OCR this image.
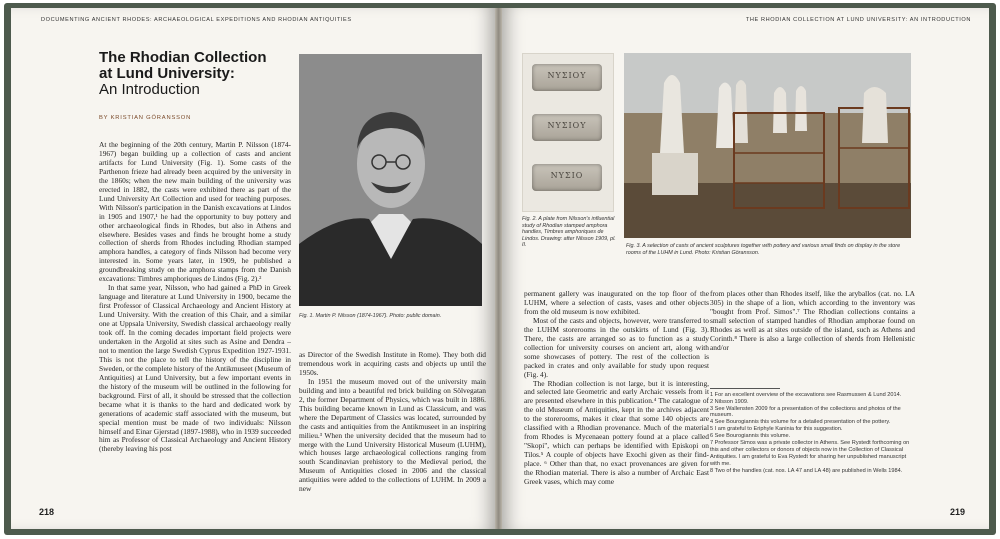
DOCUMENTING ANCIENT RHODES: ARCHAEOLOGICAL EXPEDITIONS AND RHODIAN ANTIQUITIES
The Rhodian Collection
at Lund University:
An Introduction
BY KRISTIAN GÖRANSSON

At the beginning of the 20th century, Martin P. Nilsson (1874-1967) began building up a collection of casts and ancient artifacts for Lund University (Fig. 1). Some casts of the Parthenon frieze had already been acquired by the university in the 1860s; when the new main building of the university was erected in 1882, the casts were exhibited there as part of the Lund University Art Collection and used for teaching purposes. With Nilsson's participation in the Danish excavations at Lindos in 1905 and 1907,¹ he had the opportunity to buy pottery and other archaeological finds in Rhodes, but also in Athens and elsewhere. Besides vases and finds he brought home a study collection of sherds from Rhodes including Rhodian stamped amphora handles, a category of finds Nilsson had become very interested in. Some years later, in 1909, he published a groundbreaking study on the amphora stamps from the Danish excavations: Timbres amphoriques de Lindos (Fig. 2).²

In that same year, Nilsson, who had gained a PhD in Greek language and literature at Lund University in 1900, became the first Professor of Classical Archaeology and Ancient History at Lund University. With the creation of this Chair, and a similar one at Uppsala University, Swedish classical archaeology really took off. In the coming decades important field projects were undertaken in the Argolid at sites such as Asine and Dendra – not to mention the large Swedish Cyprus Expedition 1927-1931. This is not the place to tell the history of the discipline in Sweden, or the complete history of the Antikmuseet (Museum of Antiquities) at Lund University, but a few important events in the history of the museum will be outlined in the following for background. First of all, it should be stressed that the collection became what it is thanks to the hard and dedicated work by generations of academic staff associated with the museum, but special mention must be made of two individuals: Nilsson himself and Einar Gjerstad (1897-1988), who in 1939 succeeded him as Professor of Classical Archaeology and Ancient History (thereby leaving his post

Fig. 1. Martin P. Nilsson (1874-1967). Photo: public domain.

as Director of the Swedish Institute in Rome). They both did tremendous work in acquiring casts and objects up until the 1950s.

In 1951 the museum moved out of the university main building and into a beautiful red brick building on Sölvegatan 2, the former Department of Physics, which was built in 1886. This building became known in Lund as Classicum, and was where the Department of Classics was located, surrounded by the casts and antiquities from the Antikmuseet in an inspiring milieu.³ When the university decided that the museum had to merge with the Lund University Historical Museum (LUHM), which houses large archaeological collections ranging from south Scandinavian prehistory to the Medieval period, the Museum of Antiquities closed in 2006 and the classical antiquities were added to the collections of LUHM. In 2009 a new

218
THE RHODIAN COLLECTION AT LUND UNIVERSITY: AN INTRODUCTION
ΝΥΣΙΟΥ
ΝΥΣΙΟΥ
ΝΥΣΙΟ
Fig. 2. A plate from Nilsson's influential study of Rhodian stamped amphora handles, Timbres amphoriques de Lindos. Drawing: after Nilsson 1909, pl. II.	Fig. 3. A selection of casts of ancient sculptures together with pottery and various small finds on display in the store rooms of the LUHM in Lund. Photo: Kristian Göransson.

permanent gallery was inaugurated on the top floor of the LUHM, where a selection of casts, vases and other objects from the old museum is now exhibited.

Most of the casts and objects, however, were transferred to the LUHM storerooms in the outskirts of Lund (Fig. 3). There, the casts are arranged so as to function as a study collection for university courses on ancient art, along with some showcases of pottery. The rest of the collection is packed in crates and only available for study upon request (Fig. 4).

The Rhodian collection is not large, but it is interesting, and selected late Geometric and early Archaic vessels from it are presented elsewhere in this publication.⁴ The catalogue of the old Museum of Antiquities, kept in the archives adjacent to the storerooms, makes it clear that some 140 objects are classified with a Rhodian provenance. Much of the material from Rhodes is Mycenaean pottery found at a place called "Skopi", which can perhaps be identified with Episkopi on Tilos.⁵ A couple of objects have Exochi given as their find-place. ⁶ Other than that, no exact provenances are given for the Rhodian material. There is also a number of Archaic East Greek vases, which may come

from places other than Rhodes itself, like the aryballos (cat. no. LA 305) in the shape of a lion, which according to the inventory was "bought from Prof. Simos".⁷ The Rhodian collections contains a small selection of stamped handles of Rhodian amphorae found on Rhodes as well as at sites outside of the island, such as Athens and Corinth.⁸ There is also a large collection of sherds from Hellenistic and/or

1 For an excellent overview of the excavations see Rasmussen & Lund 2014.
2 Nilsson 1909.
3 See Wallensten 2009 for a presentation of the collections and photos of the museum.
4 See Bourogiannis this volume for a detailed presentation of the pottery.
5 I am grateful to Eriphyle Kaninia for this suggestion.
6 See Bourogiannis this volume.
7 Professor Simos was a private collector in Athens. See Rystedt forthcoming on this and other collectors or donors of objects now in the Collection of Classical Antiquities. I am grateful to Eva Rystedt for sharing her unpublished manuscript with me.
8 Two of the handles (cat. nos. LA 47 and LA 48) are published in Wells 1984.
219
